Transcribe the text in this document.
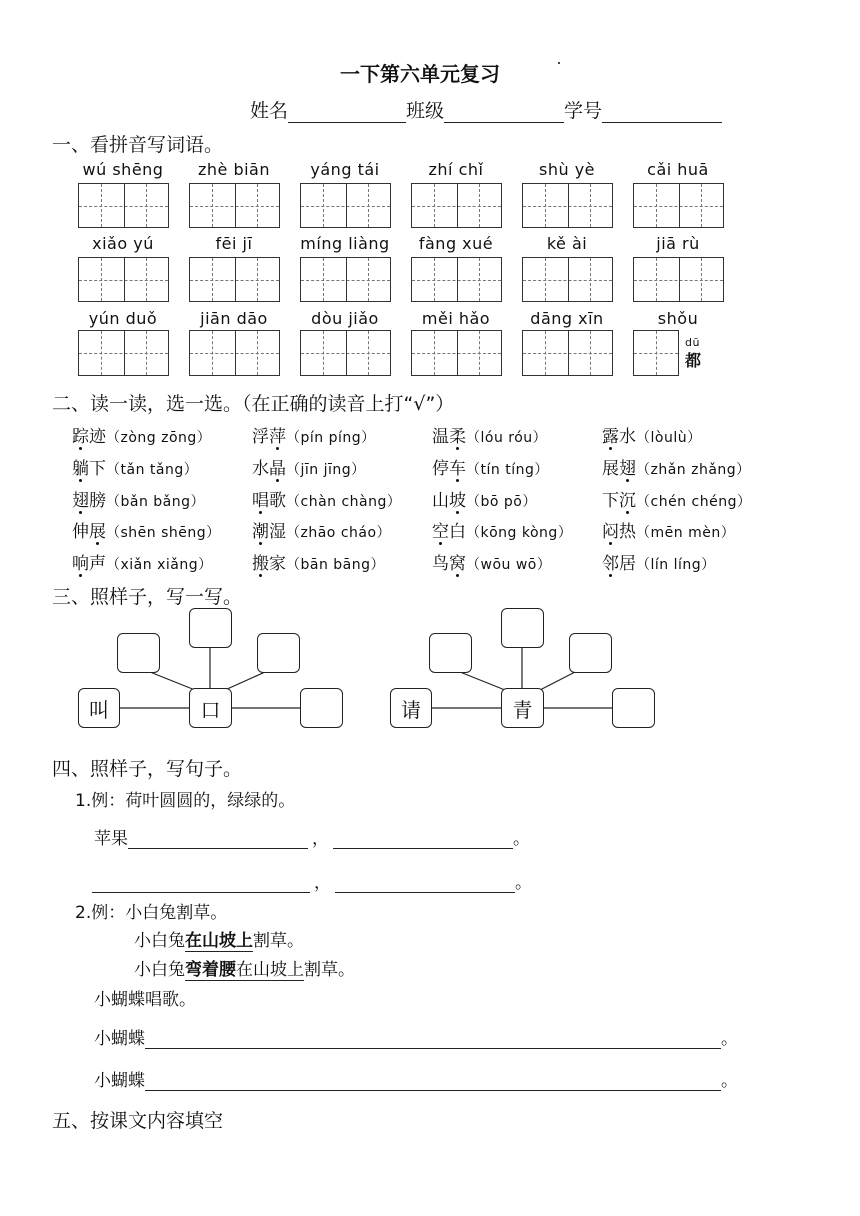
一下第六单元复习
姓名	班级	学号
一、看拼音写词语。
wú shēng	zhè biān	yáng tái	zhí chǐ	shù yè	cǎi huā
xiǎo yú	fēi jī	míng liàng	fàng xué	kě ài	jiā rù
yún duǒ	jiān dāo	dòu jiǎo	měi hǎo	dāng xīn	shǒu
dū
都
二、读一读，选一选。（在正确的读音上打“√”）
踪迹（zòng zōng） 浮萍（pín píng）	温柔（lóu róu）	露水（lòulù）
躺下（tǎn tǎng）	水晶（jīn jīng）	停车（tín tíng）	展翅（zhǎn zhǎng）
翅膀（bǎn bǎng）	唱歌（chàn chàng） 山坡（bō pō）	下沉（chén chéng）
伸展（shēn shēng） 潮湿（zhāo cháo） 空白（kōng kòng） 闷热（mēn mèn）
响声（xiǎn xiǎng） 搬家（bān bāng）	鸟窝（wōu wō）	邻居（lín líng）
三、照样子，写一写。
叫	口	请	青
四、照样子，写句子。
1.例：荷叶圆圆的，绿绿的。
苹果	，	。
，	。
2.例：小白兔割草。
小白兔在山坡上割草。
小白兔弯着腰在山坡上割草。
小蝴蝶唱歌。
小蝴蝶	。
小蝴蝶	。
五、按课文内容填空
